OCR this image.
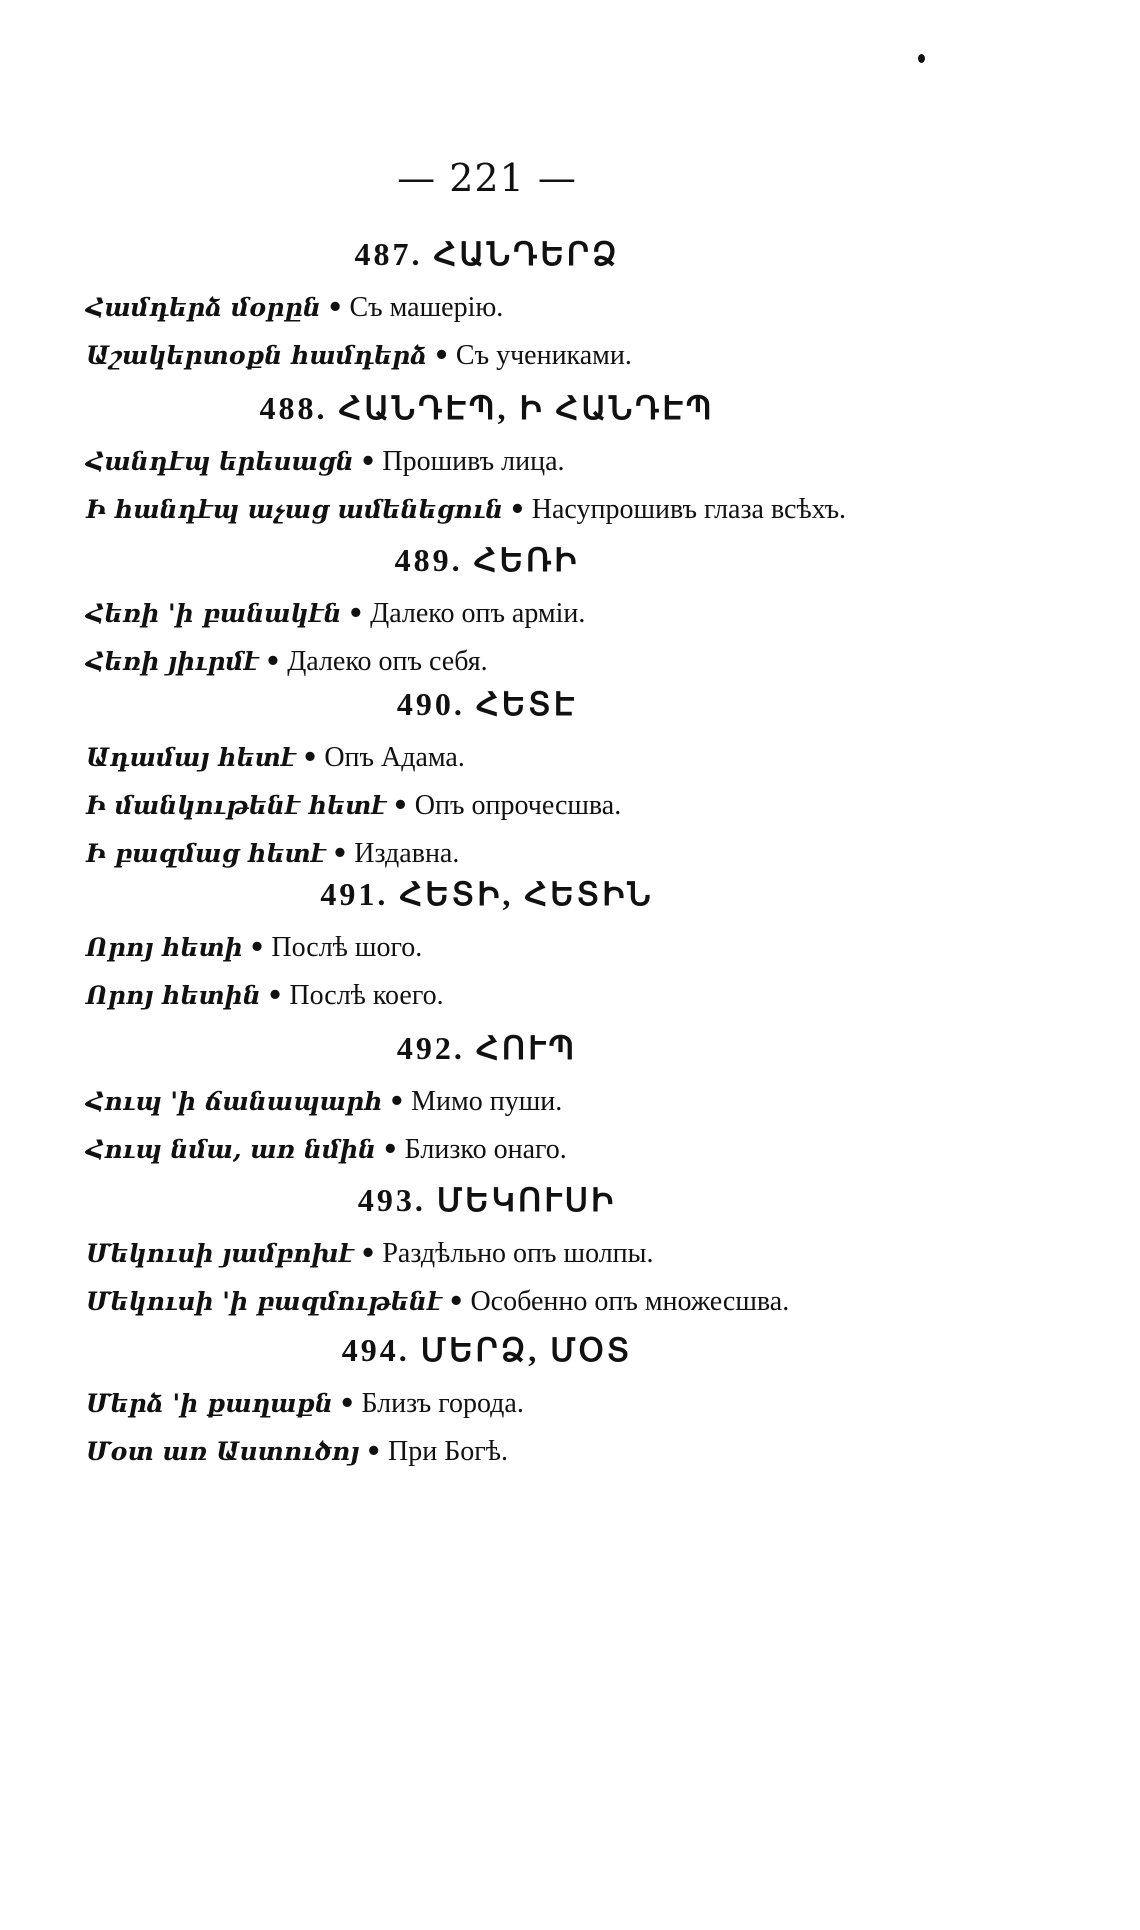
— 221 —
487. ՀԱՆԴԵՐՁ
Համդերձ մօրըն • Съ машерію.
Աշակերտօքն համդերձ • Съ учениками.
488. ՀԱՆԴԷՊ, Ի ՀԱՆԴԷՊ
Հանդէպ երեսացն • Прошивъ лица.
Ի հանդէպ աչաց ամենեցուն • Насупрошивъ глаза всѣхъ.
489. ՀԵՌԻ
Հեռի 'ի բանակէն • Далеко опъ арміи.
Հեռի յիւրմէ • Далеко опъ себя.
490. ՀԵՏԷ
Ադամայ հետէ • Опъ Адама.
Ի մանկութենէ հետէ • Опъ опрочесшва.
Ի բազմաց հետէ • Издавна.
491. ՀԵՏԻ, ՀԵՏԻՆ
Որոյ հետի • Послѣ шого.
Որոյ հետին • Послѣ коего.
492. ՀՈՒՊ
Հուպ 'ի ճանապարհ • Мимо пуши.
Հուպ նմա, առ նմին • Близко онаго.
493. ՄԵԿՈՒՍԻ
Մեկուսի յամբոխէ • Раздѣльно опъ шолпы.
Մեկուսի 'ի բազմութենէ • Особенно опъ множесшва.
494. ՄԵՐՁ, ՄՕՏ
Մերձ 'ի քաղաքն • Близъ города.
Մօտ առ Աստուծոյ • При Богѣ.
